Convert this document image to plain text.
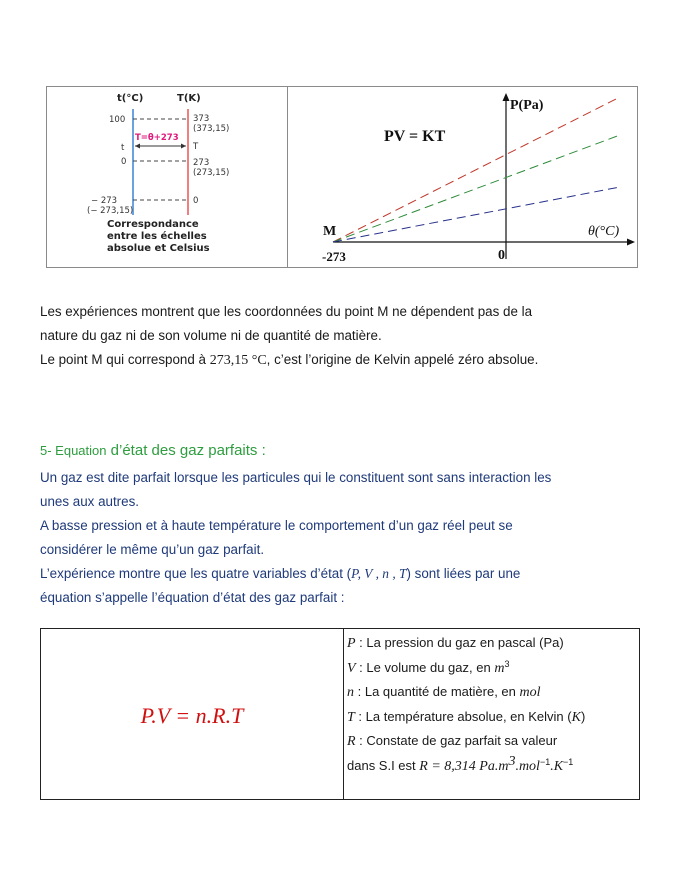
t(°C)	T(K)
T=θ+273
100
t
0
− 273
(− 273,15)
373
(373,15)
T
273
(273,15)
0
Correspondance
entre les échelles
absolue et Celsius
P(Pa)
PV = KT
M
0
θ(°C)
-273
Les expériences montrent que les coordonnées du point M ne dépendent pas de la
nature du gaz ni de son volume ni de quantité de matière.
Le point M qui correspond à 273,15 °C, c’est l’origine de Kelvin appelé zéro absolue.
5- Equation d’état des gaz parfaits :
Un gaz est dite parfait lorsque les particules qui le constituent sont sans interaction les
unes aux autres.
A basse pression et à haute température le comportement d’un gaz réel peut se
considérer le même qu’un gaz parfait.
L’expérience montre que les quatre variables d’état (P, V , n , T) sont liées par une
équation s’appelle l’équation d’état des gaz parfait :
P.V = n.R.T
P : La pression du gaz en pascal (Pa)
V : Le volume du gaz, en $m^3$
n : La quantité de matière, en mol
T : La température absolue, en Kelvin (K)
R : Constate de gaz parfait sa valeur
dans S.I est R = 8,314 $Pa.m^3.mol^{-1}.K^{-1}$
